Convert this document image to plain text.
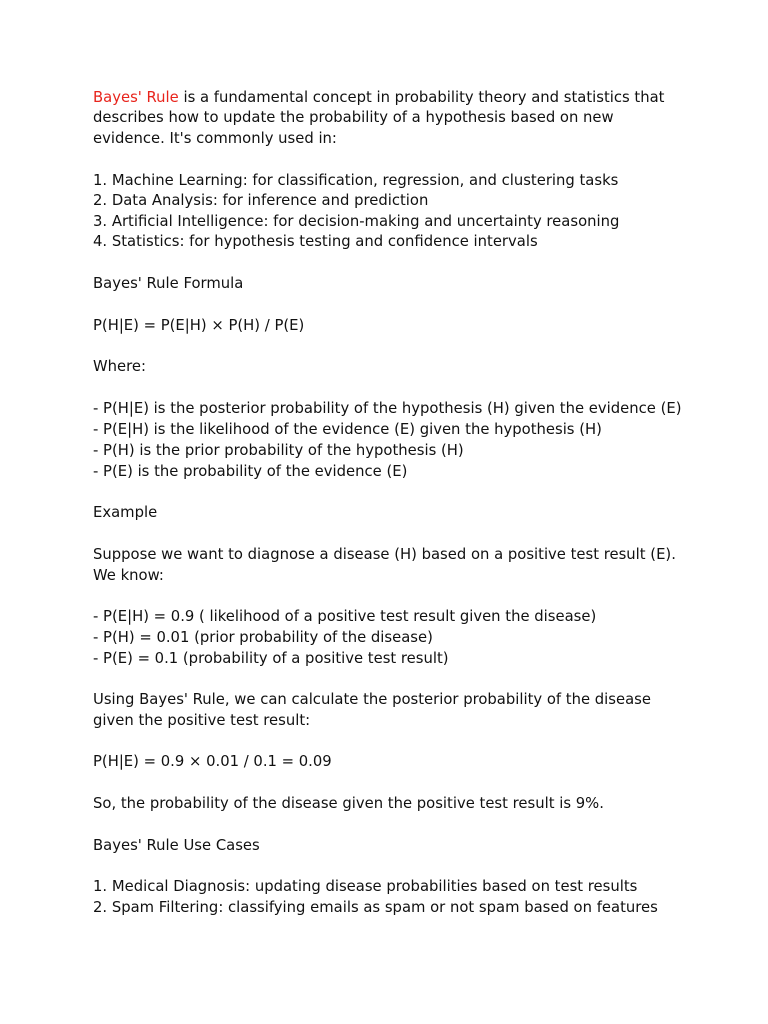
Bayes' Rule is a fundamental concept in probability theory and statistics that

describes how to update the probability of a hypothesis based on new

evidence. It's commonly used in:

1. Machine Learning: for classification, regression, and clustering tasks

2. Data Analysis: for inference and prediction

3. Artificial Intelligence: for decision-making and uncertainty reasoning

4. Statistics: for hypothesis testing and confidence intervals

Bayes' Rule Formula

P(H|E) = P(E|H) × P(H) / P(E)

Where:

- P(H|E) is the posterior probability of the hypothesis (H) given the evidence (E)

- P(E|H) is the likelihood of the evidence (E) given the hypothesis (H)

- P(H) is the prior probability of the hypothesis (H)

- P(E) is the probability of the evidence (E)

Example

Suppose we want to diagnose a disease (H) based on a positive test result (E).

We know:

- P(E|H) = 0.9 ( likelihood of a positive test result given the disease)

- P(H) = 0.01 (prior probability of the disease)

- P(E) = 0.1 (probability of a positive test result)

Using Bayes' Rule, we can calculate the posterior probability of the disease

given the positive test result:

P(H|E) = 0.9 × 0.01 / 0.1 = 0.09

So, the probability of the disease given the positive test result is 9%.

Bayes' Rule Use Cases

1. Medical Diagnosis: updating disease probabilities based on test results

2. Spam Filtering: classifying emails as spam or not spam based on features
